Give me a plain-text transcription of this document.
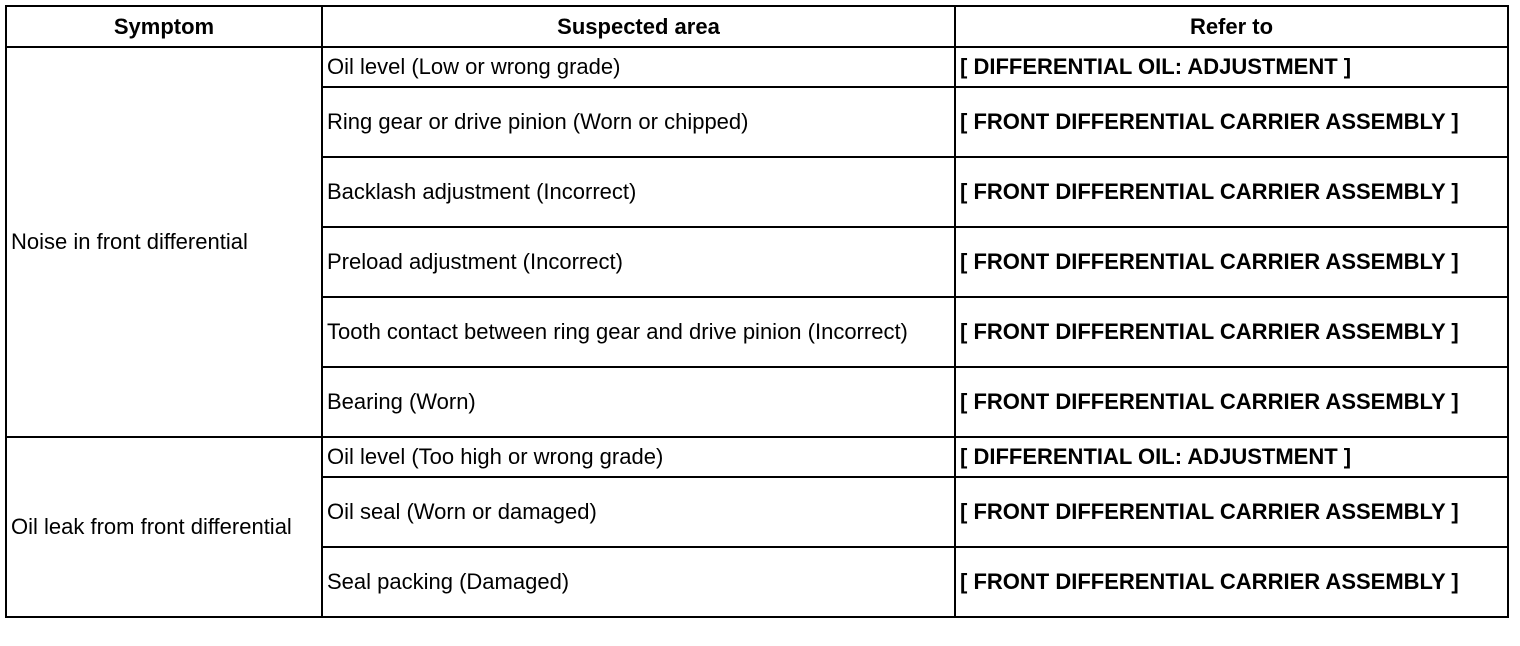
Symptom	Suspected area	Refer to
Noise in front differential	Oil level (Low or wrong grade)	[ DIFFERENTIAL OIL: ADJUSTMENT ]
	Ring gear or drive pinion (Worn or chipped)	[ FRONT DIFFERENTIAL CARRIER ASSEMBLY ]
	Backlash adjustment (Incorrect)	[ FRONT DIFFERENTIAL CARRIER ASSEMBLY ]
	Preload adjustment (Incorrect)	[ FRONT DIFFERENTIAL CARRIER ASSEMBLY ]
	Tooth contact between ring gear and drive pinion (Incorrect)	[ FRONT DIFFERENTIAL CARRIER ASSEMBLY ]
	Bearing (Worn)	[ FRONT DIFFERENTIAL CARRIER ASSEMBLY ]
Oil leak from front differential	Oil level (Too high or wrong grade)	[ DIFFERENTIAL OIL: ADJUSTMENT ]
	Oil seal (Worn or damaged)	[ FRONT DIFFERENTIAL CARRIER ASSEMBLY ]
	Seal packing (Damaged)	[ FRONT DIFFERENTIAL CARRIER ASSEMBLY ]
